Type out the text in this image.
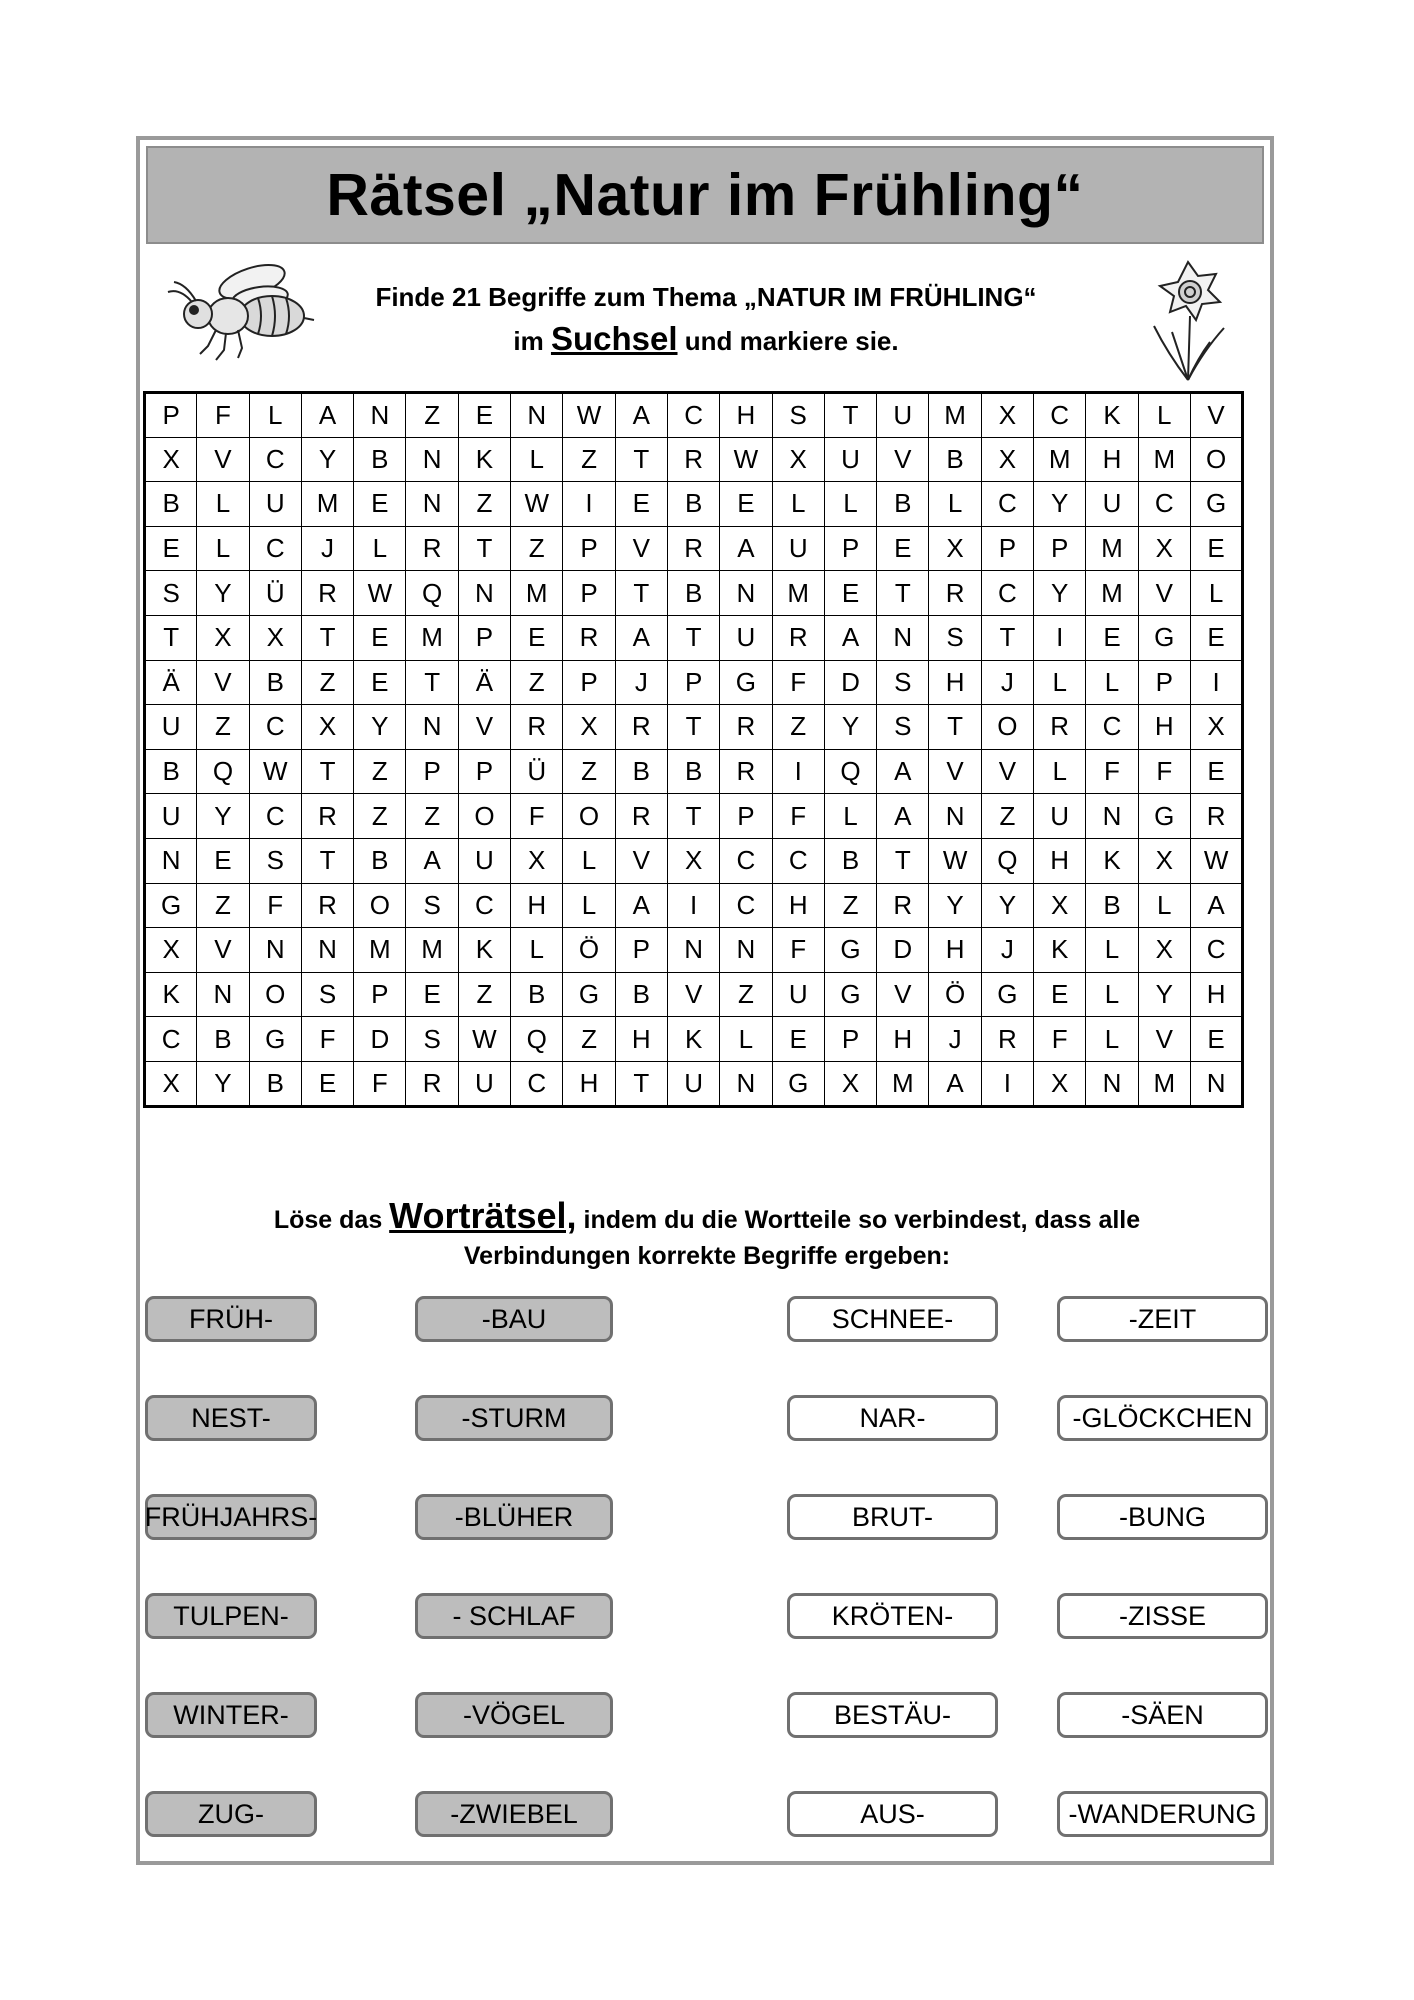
Rätsel „Natur im Frühling“
Finde 21 Begriffe zum Thema „NATUR IM FRÜHLING“
im Suchsel und markiere sie.
P	F	L	A	N	Z	E	N	W	A	C	H	S	T	U	M	X	C	K	L	V
X	V	C	Y	B	N	K	L	Z	T	R	W	X	U	V	B	X	M	H	M	O
B	L	U	M	E	N	Z	W	I	E	B	E	L	L	B	L	C	Y	U	C	G
E	L	C	J	L	R	T	Z	P	V	R	A	U	P	E	X	P	P	M	X	E
S	Y	Ü	R	W	Q	N	M	P	T	B	N	M	E	T	R	C	Y	M	V	L
T	X	X	T	E	M	P	E	R	A	T	U	R	A	N	S	T	I	E	G	E
Ä	V	B	Z	E	T	Ä	Z	P	J	P	G	F	D	S	H	J	L	L	P	I
U	Z	C	X	Y	N	V	R	X	R	T	R	Z	Y	S	T	O	R	C	H	X
B	Q	W	T	Z	P	P	Ü	Z	B	B	R	I	Q	A	V	V	L	F	F	E
U	Y	C	R	Z	Z	O	F	O	R	T	P	F	L	A	N	Z	U	N	G	R
N	E	S	T	B	A	U	X	L	V	X	C	C	B	T	W	Q	H	K	X	W
G	Z	F	R	O	S	C	H	L	A	I	C	H	Z	R	Y	Y	X	B	L	A
X	V	N	N	M	M	K	L	Ö	P	N	N	F	G	D	H	J	K	L	X	C
K	N	O	S	P	E	Z	B	G	B	V	Z	U	G	V	Ö	G	E	L	Y	H
C	B	G	F	D	S	W	Q	Z	H	K	L	E	P	H	J	R	F	L	V	E
X	Y	B	E	F	R	U	C	H	T	U	N	G	X	M	A	I	X	N	M	N
Löse das Worträtsel, indem du die Wortteile so verbindest, dass alle
Verbindungen korrekte Begriffe ergeben:
FRÜH-
NEST-
FRÜHJAHRS-
TULPEN-
WINTER-
ZUG-
-BAU
-STURM
-BLÜHER
- SCHLAF
-VÖGEL
-ZWIEBEL
SCHNEE-
NAR-
BRUT-
KRÖTEN-
BESTÄU-
AUS-
-ZEIT
-GLÖCKCHEN
-BUNG
-ZISSE
-SÄEN
-WANDERUNG
